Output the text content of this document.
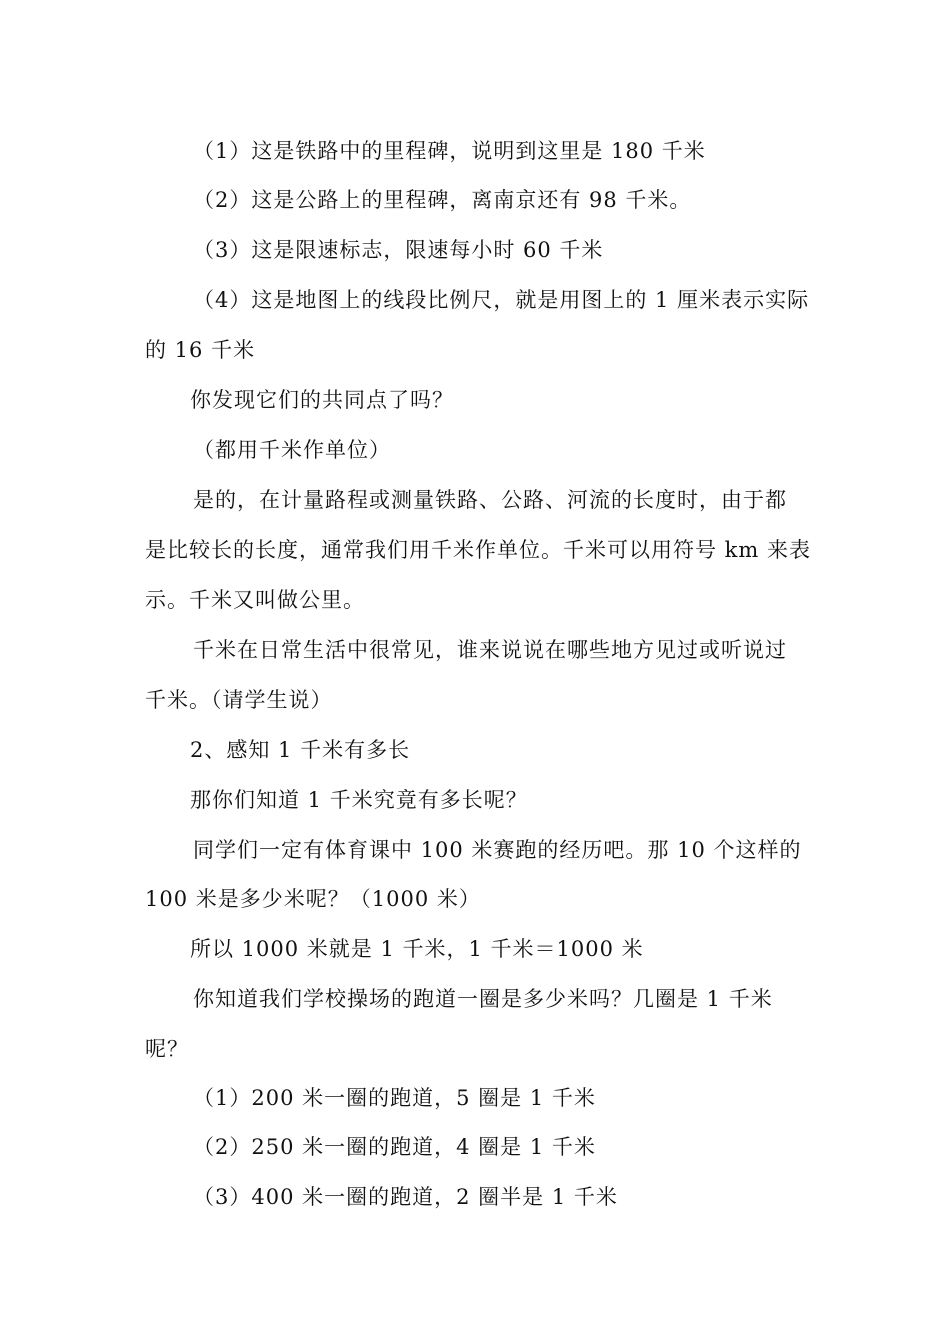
（1）这是铁路中的里程碑，说明到这里是 180 千米
（2）这是公路上的里程碑，离南京还有 98 千米。
（3）这是限速标志，限速每小时 60 千米
（4）这是地图上的线段比例尺，就是用图上的 1 厘米表示实际
的 16 千米
你发现它们的共同点了吗？
（都用千米作单位）
是的，在计量路程或测量铁路、公路、河流的长度时，由于都
是比较长的长度，通常我们用千米作单位。千米可以用符号 km 来表
示。千米又叫做公里。
千米在日常生活中很常见，谁来说说在哪些地方见过或听说过
千米。（请学生说）
2、感知 1 千米有多长
那你们知道 1 千米究竟有多长呢？
同学们一定有体育课中 100 米赛跑的经历吧。那 10 个这样的
100 米是多少米呢？（1000 米）
所以 1000 米就是 1 千米，1 千米＝1000 米
你知道我们学校操场的跑道一圈是多少米吗？几圈是 1 千米
呢？
（1）200 米一圈的跑道，5 圈是 1 千米
（2）250 米一圈的跑道，4 圈是 1 千米
（3）400 米一圈的跑道，2 圈半是 1 千米
